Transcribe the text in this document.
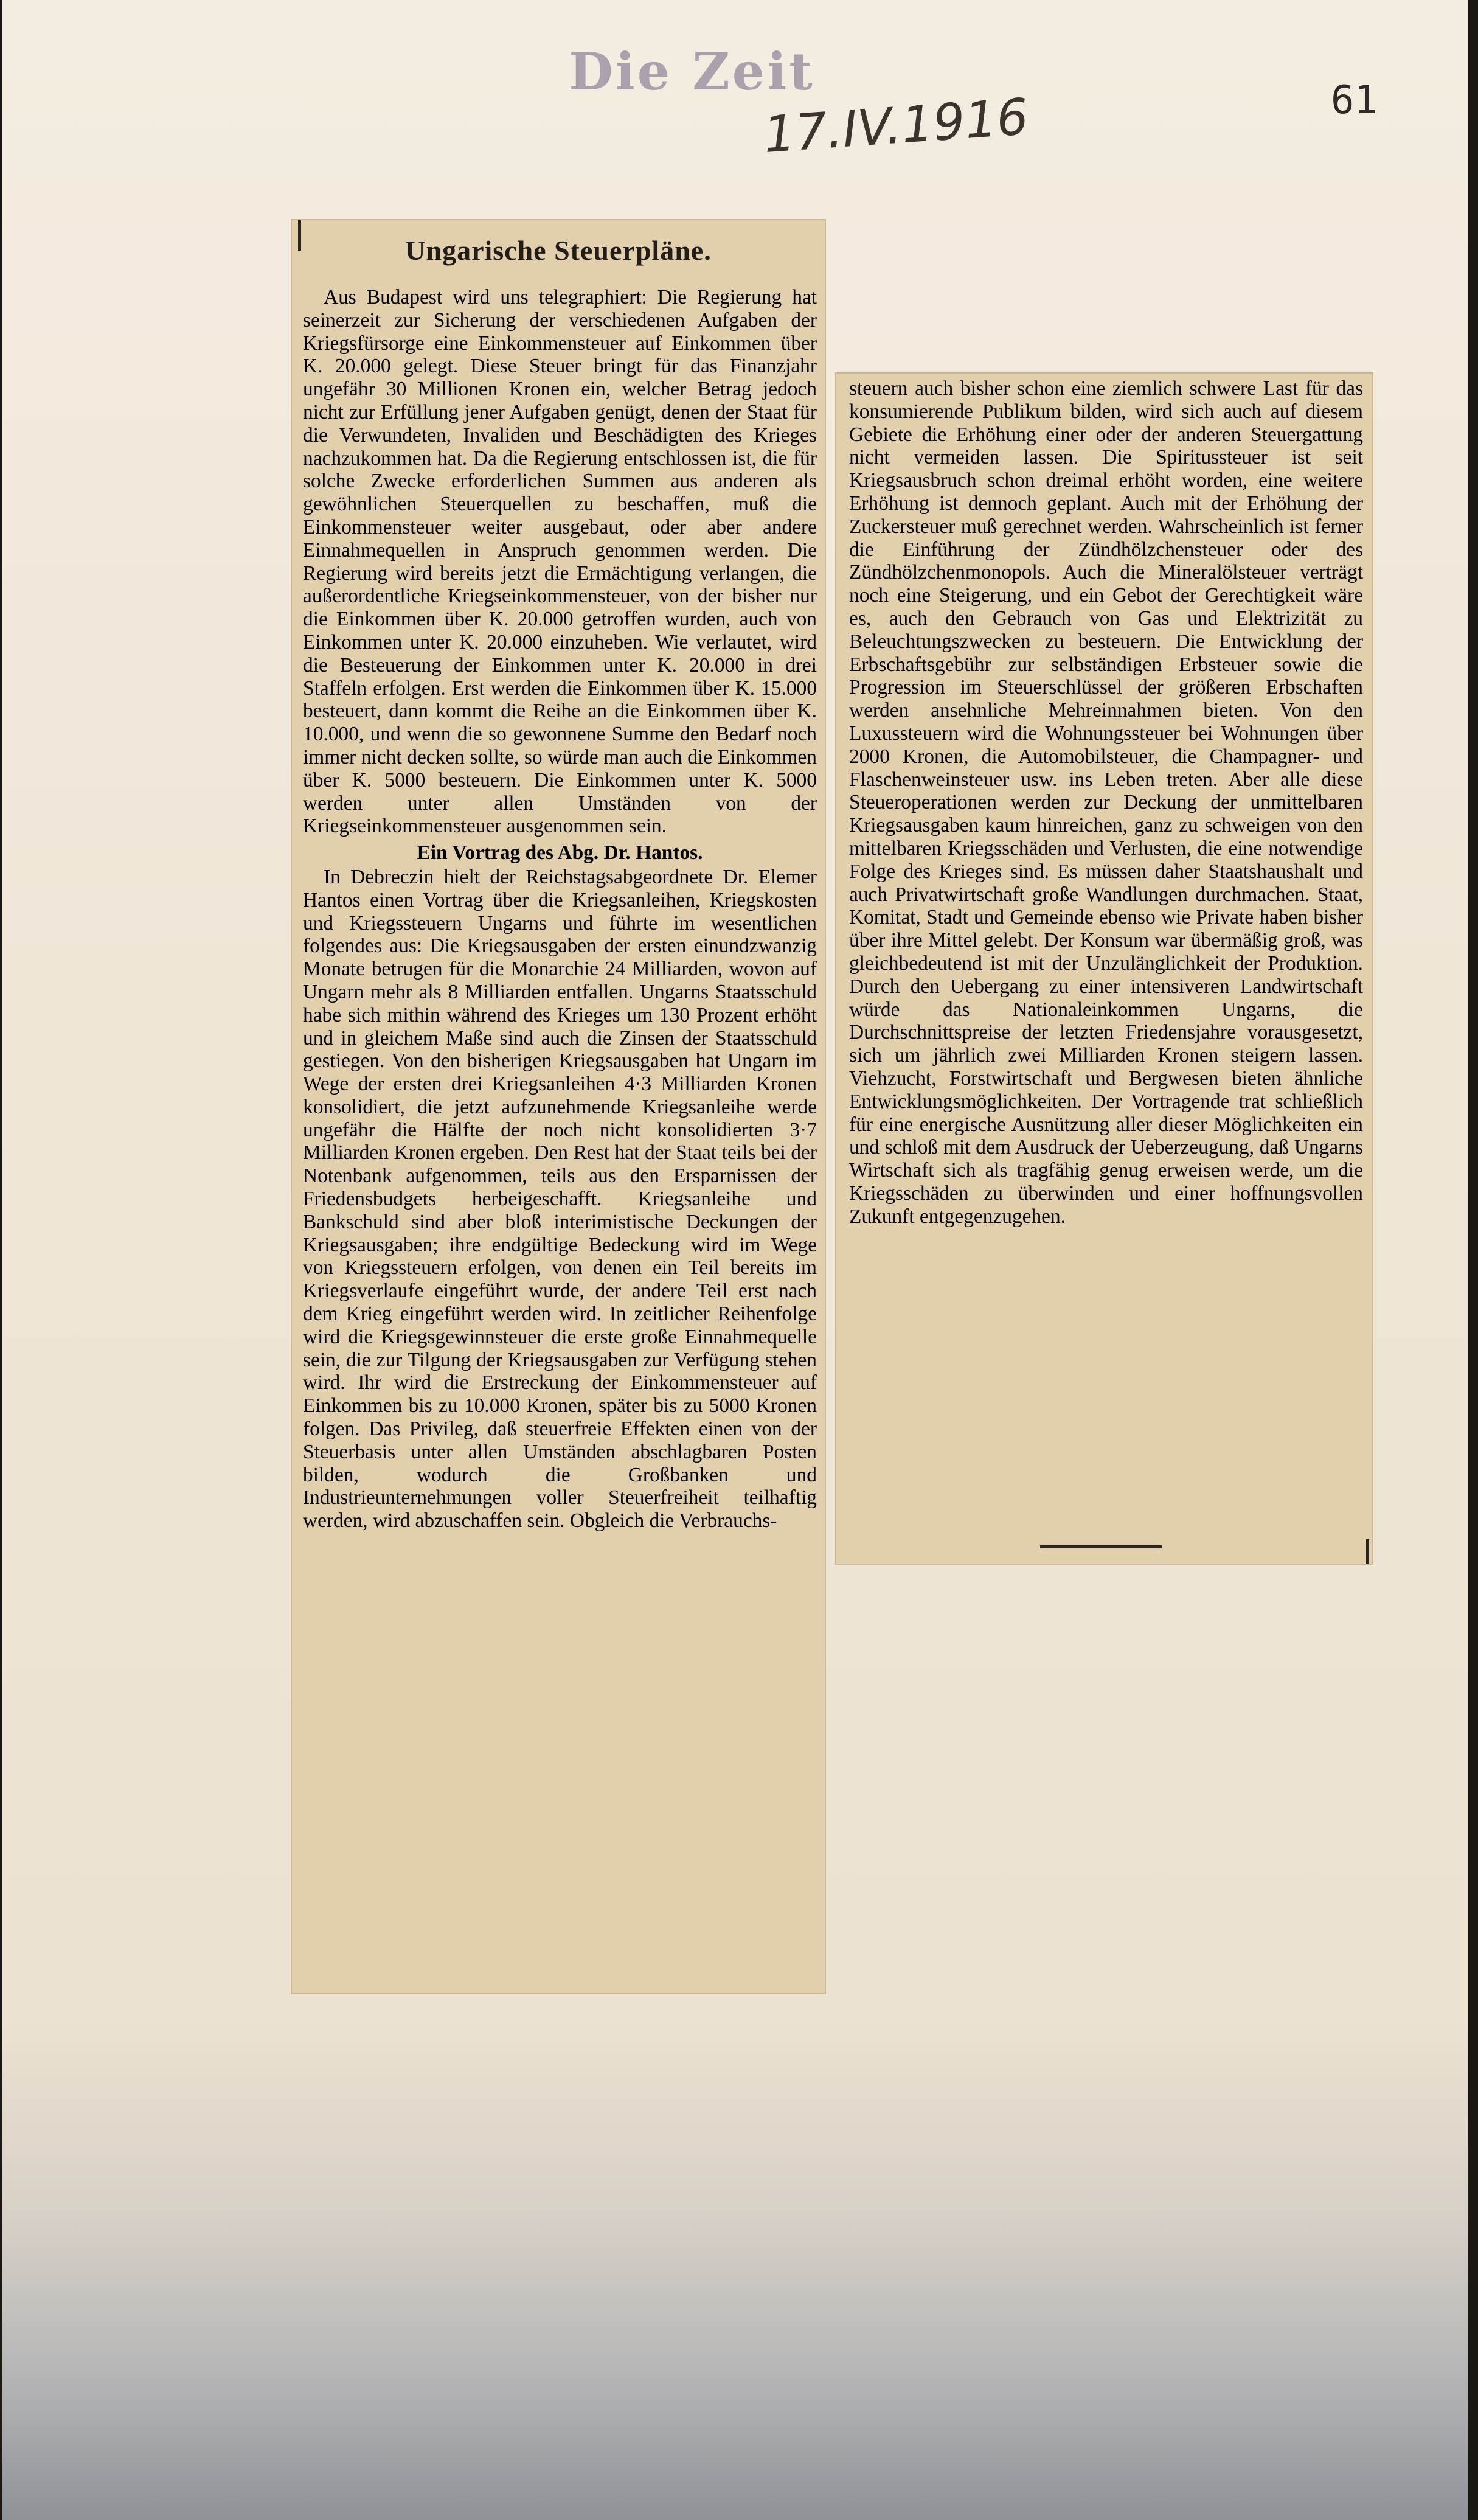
Die Zeit
17.IV.1916	61
Ungarische Steuerpläne.

Aus Budapest wird uns telegraphiert: Die Regierung hat seinerzeit zur Sicherung der verschiedenen Aufgaben der Kriegsfürsorge eine Einkommensteuer auf Einkommen über K. 20.000 gelegt. Diese Steuer bringt für das Finanzjahr ungefähr 30 Millionen Kronen ein, welcher Betrag jedoch nicht zur Erfüllung jener Aufgaben genügt, denen der Staat für die Verwundeten, Invaliden und Beschädigten des Krieges nachzukommen hat. Da die Regierung entschlossen ist, die für solche Zwecke erforderlichen Summen aus anderen als gewöhnlichen Steuerquellen zu beschaffen, muß die Einkommensteuer weiter ausgebaut, oder aber andere Einnahmequellen in Anspruch genommen werden. Die Regierung wird bereits jetzt die Ermächtigung verlangen, die außerordentliche Kriegseinkommensteuer, von der bisher nur die Einkommen über K. 20.000 getroffen wurden, auch von Einkommen unter K. 20.000 einzuheben. Wie verlautet, wird die Besteuerung der Einkommen unter K. 20.000 in drei Staffeln erfolgen. Erst werden die Einkommen über K. 15.000 besteuert, dann kommt die Reihe an die Einkommen über K. 10.000, und wenn die so gewonnene Summe den Bedarf noch immer nicht decken sollte, so würde man auch die Einkommen über K. 5000 besteuern. Die Einkommen unter K. 5000 werden unter allen Umständen von der Kriegseinkommensteuer ausgenommen sein.

Ein Vortrag des Abg. Dr. Hantos.

In Debreczin hielt der Reichstagsabgeordnete Dr. Elemer Hantos einen Vortrag über die Kriegsanleihen, Kriegskosten und Kriegssteuern Ungarns und führte im wesentlichen folgendes aus: Die Kriegsausgaben der ersten einundzwanzig Monate betrugen für die Monarchie 24 Milliarden, wovon auf Ungarn mehr als 8 Milliarden entfallen. Ungarns Staatsschuld habe sich mithin während des Krieges um 130 Prozent erhöht und in gleichem Maße sind auch die Zinsen der Staatsschuld gestiegen. Von den bisherigen Kriegsausgaben hat Ungarn im Wege der ersten drei Kriegsanleihen 4·3 Milliarden Kronen konsolidiert, die jetzt aufzunehmende Kriegsanleihe werde ungefähr die Hälfte der noch nicht konsolidierten 3·7 Milliarden Kronen ergeben. Den Rest hat der Staat teils bei der Notenbank aufgenommen, teils aus den Ersparnissen der Friedensbudgets herbeigeschafft. Kriegsanleihe und Bankschuld sind aber bloß interimistische Deckungen der Kriegsausgaben; ihre endgültige Bedeckung wird im Wege von Kriegssteuern erfolgen, von denen ein Teil bereits im Kriegsverlaufe eingeführt wurde, der andere Teil erst nach dem Krieg eingeführt werden wird. In zeitlicher Reihenfolge wird die Kriegsgewinnsteuer die erste große Einnahmequelle sein, die zur Tilgung der Kriegsausgaben zur Verfügung stehen wird. Ihr wird die Erstreckung der Einkommensteuer auf Einkommen bis zu 10.000 Kronen, später bis zu 5000 Kronen folgen. Das Privileg, daß steuerfreie Effekten einen von der Steuerbasis unter allen Umständen abschlagbaren Posten bilden, wodurch die Großbanken und Industrieunternehmungen voller Steuerfreiheit teilhaftig werden, wird abzuschaffen sein. Obgleich die Verbrauchs-

steuern auch bisher schon eine ziemlich schwere Last für das konsumierende Publikum bilden, wird sich auch auf diesem Gebiete die Erhöhung einer oder der anderen Steuergattung nicht vermeiden lassen. Die Spiritussteuer ist seit Kriegsausbruch schon dreimal erhöht worden, eine weitere Erhöhung ist dennoch geplant. Auch mit der Erhöhung der Zuckersteuer muß gerechnet werden. Wahrscheinlich ist ferner die Einführung der Zündhölzchensteuer oder des Zündhölzchenmonopols. Auch die Mineralölsteuer verträgt noch eine Steigerung, und ein Gebot der Gerechtigkeit wäre es, auch den Gebrauch von Gas und Elektrizität zu Beleuchtungszwecken zu besteuern. Die Entwicklung der Erbschaftsgebühr zur selbständigen Erbsteuer sowie die Progression im Steuerschlüssel der größeren Erbschaften werden ansehnliche Mehreinnahmen bieten. Von den Luxussteuern wird die Wohnungssteuer bei Wohnungen über 2000 Kronen, die Automobilsteuer, die Champagner- und Flaschenweinsteuer usw. ins Leben treten. Aber alle diese Steueroperationen werden zur Deckung der unmittelbaren Kriegsausgaben kaum hinreichen, ganz zu schweigen von den mittelbaren Kriegsschäden und Verlusten, die eine notwendige Folge des Krieges sind. Es müssen daher Staatshaushalt und auch Privatwirtschaft große Wandlungen durchmachen. Staat, Komitat, Stadt und Gemeinde ebenso wie Private haben bisher über ihre Mittel gelebt. Der Konsum war übermäßig groß, was gleichbedeutend ist mit der Unzulänglichkeit der Produktion. Durch den Uebergang zu einer intensiveren Landwirtschaft würde das Nationaleinkommen Ungarns, die Durchschnittspreise der letzten Friedensjahre vorausgesetzt, sich um jährlich zwei Milliarden Kronen steigern lassen. Viehzucht, Forstwirtschaft und Bergwesen bieten ähnliche Entwicklungsmöglichkeiten. Der Vortragende trat schließlich für eine energische Ausnützung aller dieser Möglichkeiten ein und schloß mit dem Ausdruck der Ueberzeugung, daß Ungarns Wirtschaft sich als tragfähig genug erweisen werde, um die Kriegsschäden zu überwinden und einer hoffnungsvollen Zukunft entgegenzugehen.
